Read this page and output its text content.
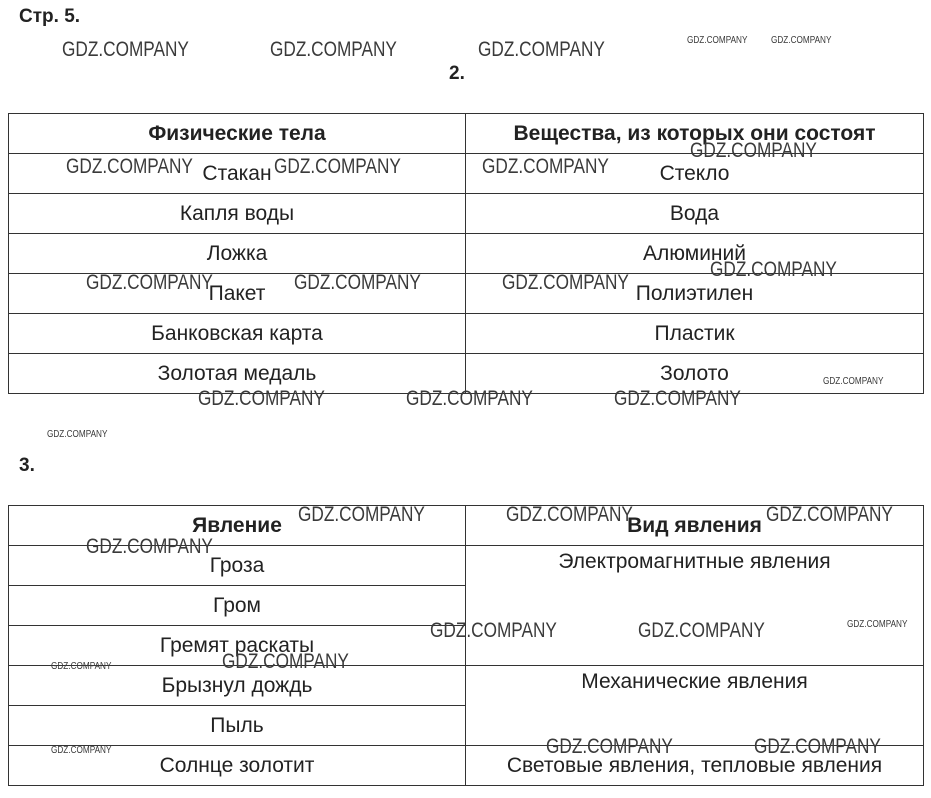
Стр. 5.
2.
Физические тела	Вещества, из которых они состоят
Стакан	Стекло
Капля воды	Вода
Ложка	Алюминий
Пакет	Полиэтилен
Банковская карта	Пластик
Золотая медаль	Золото
3.
Явление	Вид явления
Гроза	Электромагнитные явления
Гром	
Гремят раскаты	
Брызнул дождь	Механические явления
Пыль	
Солнце золотит	Световые явления, тепловые явления
GDZ.COMPANY	GDZ.COMPANY	GDZ.COMPANY	GDZ.COMPANY GDZ.COMPANY
GDZ.COMPANY	GDZ.COMPANY	GDZ.COMPANY
GDZ.COMPANY
GDZ.COMPANY	GDZ.COMPANY	GDZ.COMPANY
GDZ.COMPANY
GDZ.COMPANY	GDZ.COMPANY	GDZ.COMPANY
GDZ.COMPANY
GDZ.COMPANY
GDZ.COMPANY	GDZ.COMPANY	GDZ.COMPANY
GDZ.COMPANY
GDZ.COMPANY	GDZ.COMPANY	GDZ.COMPANY
GDZ.COMPANY
GDZ.COMPANY
GDZ.COMPANY	GDZ.COMPANY
GDZ.COMPANY
